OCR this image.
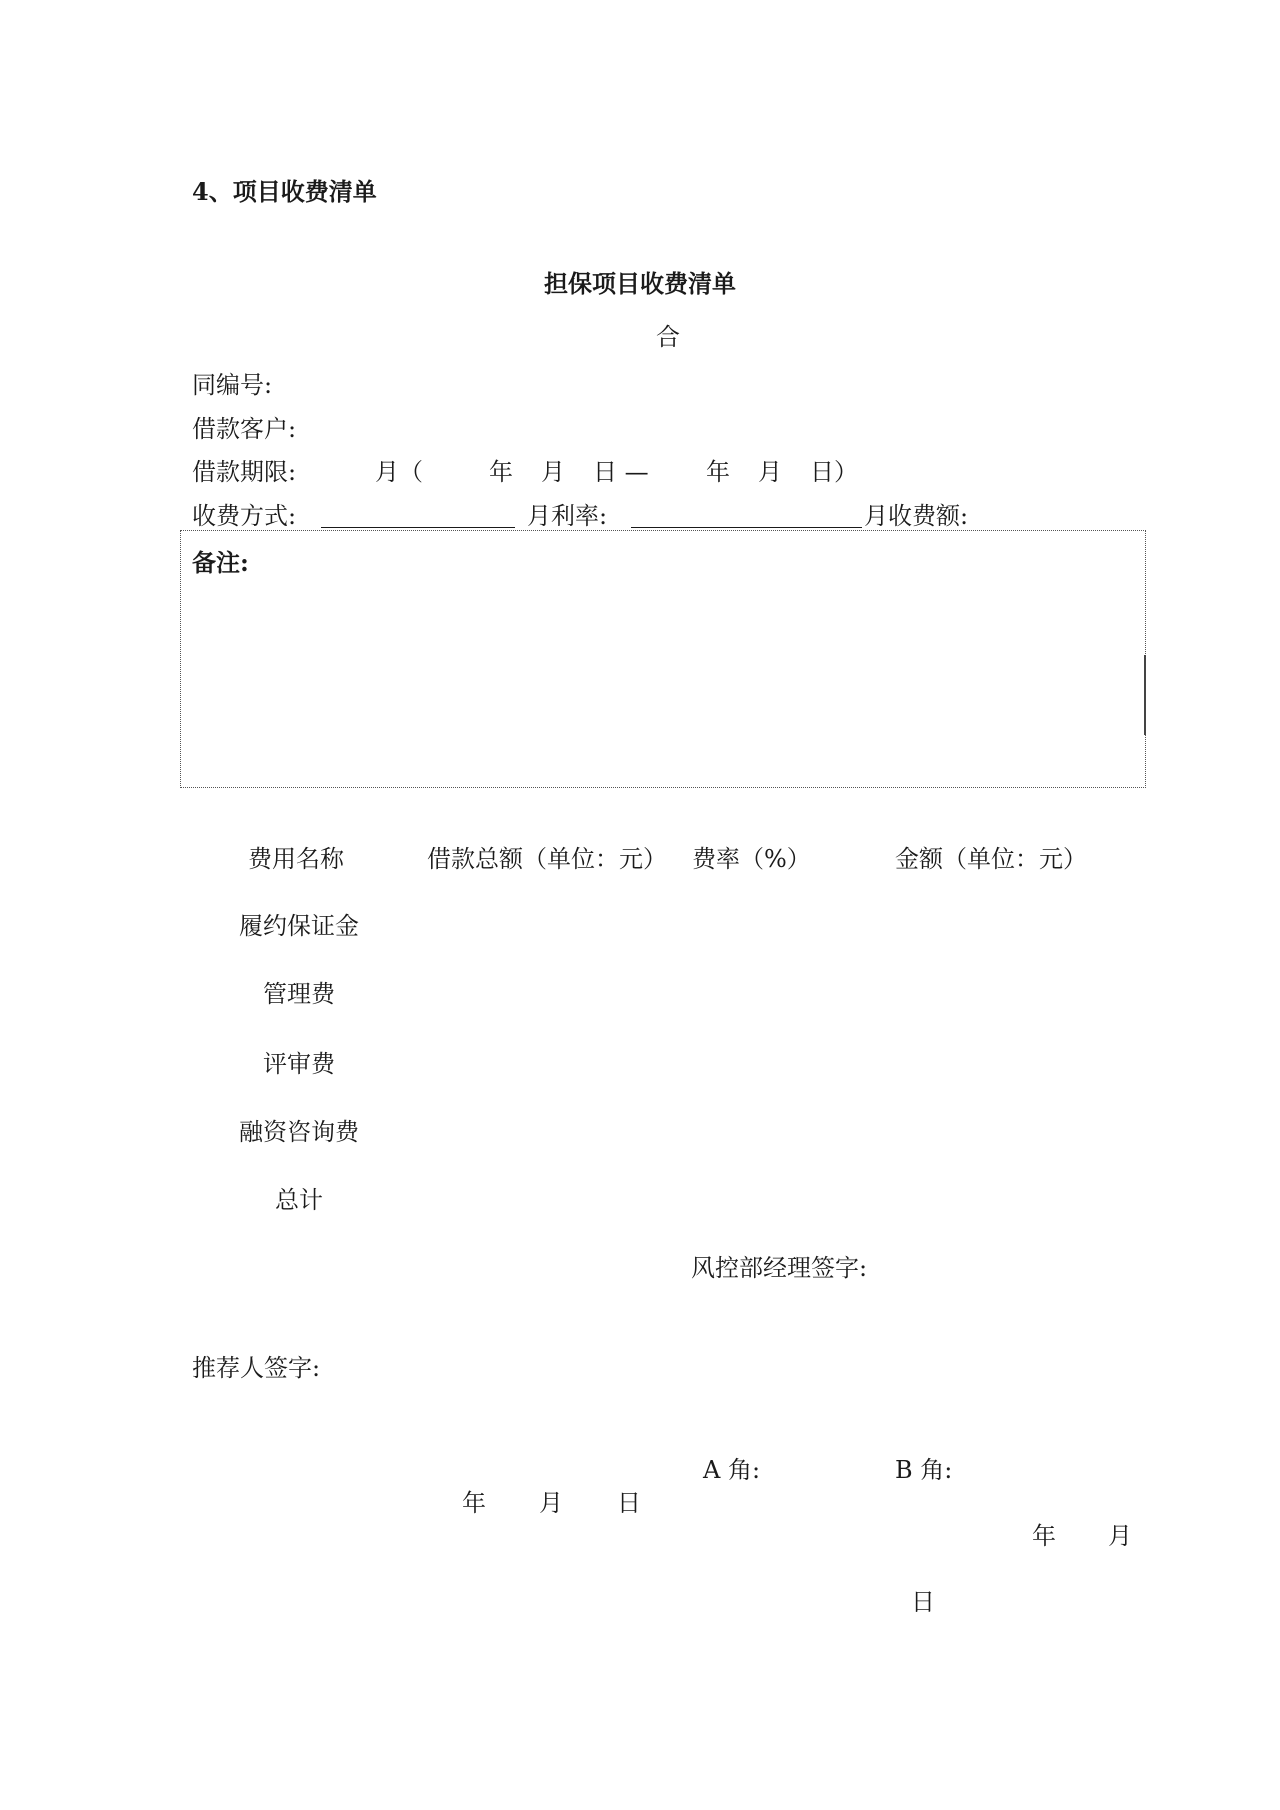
4、项目收费清单
担保项目收费清单
合
同编号:
借款客户:
借款期限:	月（	年 月 日 — 年 月 日）
收费方式:	月利率:	月收费额:
备注:
费用名称	借款总额（单位：元） 费率（%）	金额（单位：元）
履约保证金
管理费
评审费
融资咨询费
总计
风控部经理签字:
推荐人签字:
A 角:	B 角:
年 月 日
年 月
日
